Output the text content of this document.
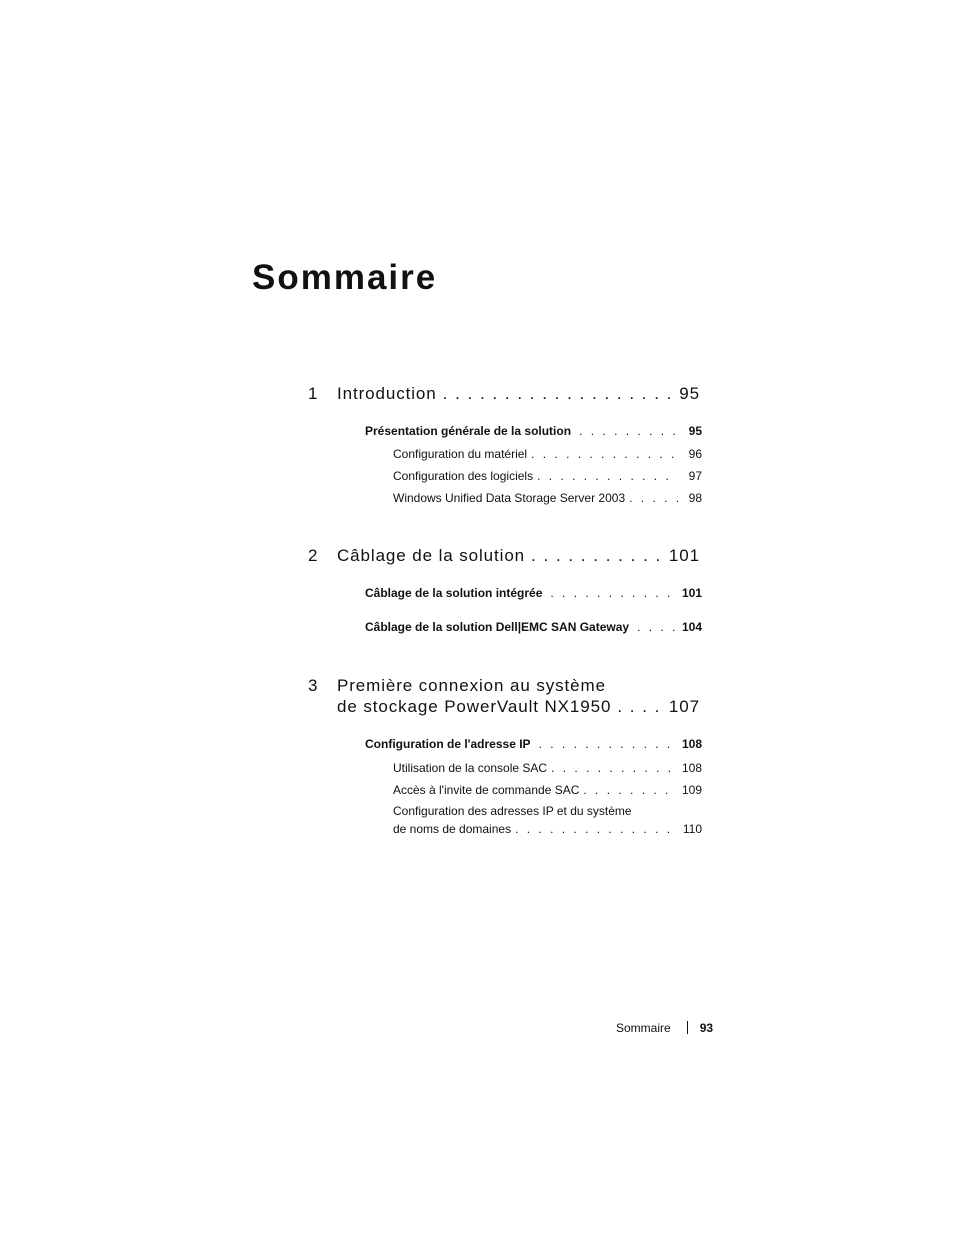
Sommaire
1 Introduction . . .	95
Présentation générale de la solution . . .	95
Configuration du matériel . . .	96
Configuration des logiciels . . .	97
Windows Unified Data Storage Server 2003 . . .	98
2 Câblage de la solution . . .	101
Câblage de la solution intégrée . . .	101
Câblage de la solution Dell|EMC SAN Gateway . . .	104
3 Première connexion au système
de stockage PowerVault NX1950 . . .	107
Configuration de l'adresse IP . . .	108
Utilisation de la console SAC . . .	108
Accès à l'invite de commande SAC . . .	109
Configuration des adresses IP et du système
de noms de domaines . . .	110
Sommaire 93
